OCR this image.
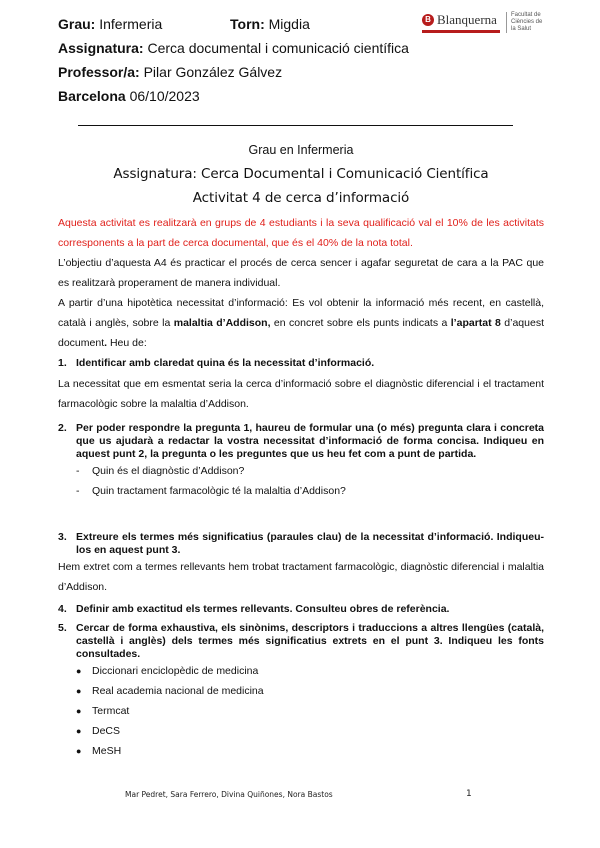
Grau: Infermeria	Torn: Migdia
Assignatura: Cerca documental i comunicació científica
Professor/a: Pilar González Gálvez
Barcelona 06/10/2023
B Blanquerna	Facultat de Ciències de la Salut
Grau en Infermeria
Assignatura: Cerca Documental i Comunicació Científica
Activitat 4 de cerca d’informació

Aquesta activitat es realitzarà en grups de 4 estudiants i la seva qualificació val el 10% de les activitats corresponents a la part de cerca documental, que és el 40% de la nota total.

L’objectiu d’aquesta A4 és practicar el procés de cerca sencer i agafar seguretat de cara a la PAC que es realitzarà properament de manera individual.

A partir d’una hipotètica necessitat d’informació: Es vol obtenir la informació més recent, en castellà, català i anglès, sobre la malaltia d’Addison, en concret sobre els punts indicats a l’apartat 8 d’aquest document. Heu de:

1. Identificar amb claredat quina és la necessitat d’informació.

La necessitat que em esmentat seria la cerca d’informació sobre el diagnòstic diferencial i el tractament farmacològic sobre la malaltia d’Addison.

2. Per poder respondre la pregunta 1, haureu de formular una (o més) pregunta clara i concreta que us ajudarà a redactar la vostra necessitat d’informació de forma concisa. Indiqueu en aquest punt 2, la pregunta o les preguntes que us heu fet com a punt de partida.
-	Quin és el diagnòstic d’Addison?
-	Quin tractament farmacològic té la malaltia d’Addison?
3. Extreure els termes més significatius (paraules clau) de la necessitat d’informació. Indiqueu-los en aquest punt 3.

Hem extret com a termes rellevants hem trobat tractament farmacològic, diagnòstic diferencial i malaltia d’Addison.

4. Definir amb exactitud els termes rellevants. Consulteu obres de referència.
5. Cercar de forma exhaustiva, els sinònims, descriptors i traduccions a altres llengües (català, castellà i anglès) dels termes més significatius extrets en el punt 3. Indiqueu les fonts consultades.
●	Diccionari enciclopèdic de medicina
●	Real academia nacional de medicina
●	Termcat
●	DeCS
●	MeSH
Mar Pedret, Sara Ferrero, Divina Quiñones, Nora Bastos	1
